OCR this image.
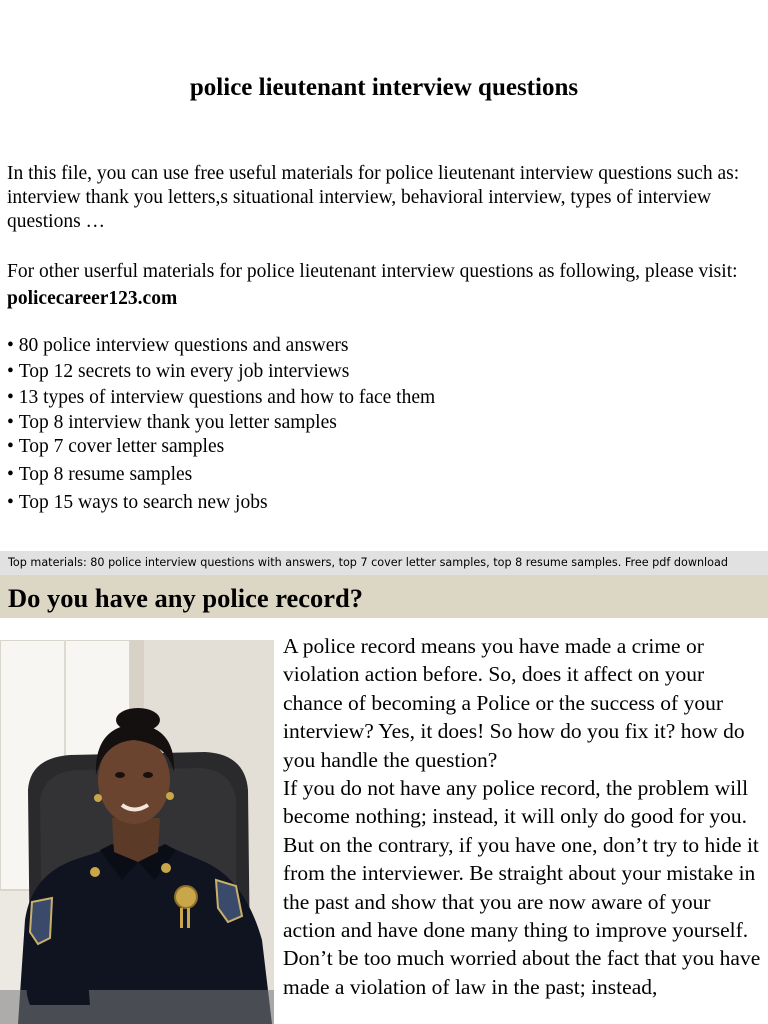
police lieutenant interview questions

In this file, you can use free useful materials for police lieutenant interview questions such as: interview thank you letters,s situational interview, behavioral interview, types of interview questions …

For other userful materials for police lieutenant interview questions as following, please visit: policecareer123.com

• 80 police interview questions and answers
• Top 12 secrets to win every job interviews
• 13 types of interview questions and how to face them
• Top 8 interview thank you letter samples
• Top 7 cover letter samples
• Top 8 resume samples
• Top 15 ways to search new jobs
Top materials: 80 police interview questions with answers, top 7 cover letter samples, top 8 resume samples. Free pdf download
Do you have any police record?

A police record means you have made a crime or violation action before. So, does it affect on your chance of becoming a Police or the success of your interview? Yes, it does! So how do you fix it? how do you handle the question?

If you do not have any police record, the problem will become nothing; instead, it will only do good for you. But on the contrary, if you have one, don’t try to hide it from the interviewer. Be straight about your mistake in the past and show that you are now aware of your action and have done many thing to improve yourself. Don’t be too much worried about the fact that you have made a violation of law in the past; instead,
